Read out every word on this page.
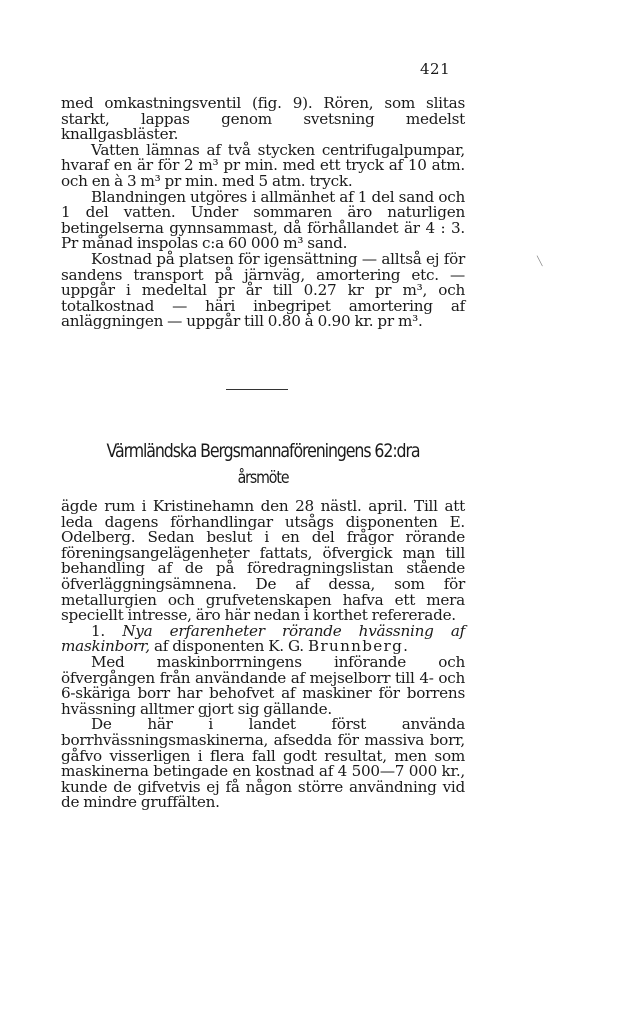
421
╲

med omkastningsventil (fig. 9). Rören, som slitas starkt, lappas genom svetsning medelst knallgasbläster.

Vatten lämnas af två stycken centrifugalpumpar, hvaraf en är för 2 m³ pr min. med ett tryck af 10 atm. och en à 3 m³ pr min. med 5 atm. tryck.

Blandningen utgöres i allmänhet af 1 del sand och 1 del vatten. Under sommaren äro naturligen betingelserna gynnsammast, då förhållandet är 4 : 3. Pr månad inspolas c:a 60 000 m³ sand.

Kostnad på platsen för igensättning — alltså ej för sandens transport på järnväg, amortering etc. — uppgår i medeltal pr år till 0.27 kr pr m³, och totalkostnad — häri inbegripet amortering af anläggningen — uppgår till 0.80 à 0.90 kr. pr m³.

Värmländska Bergsmannaföreningens 62:dra
årsmöte

ägde rum i Kristinehamn den 28 nästl. april. Till att leda dagens förhandlingar utsågs disponenten E. Odelberg. Sedan beslut i en del frågor rörande föreningsangelägenheter fattats, öfvergick man till behandling af de på föredragningslistan stående öfverläggningsämnena. De af dessa, som för metallurgien och grufvetenskapen hafva ett mera speciellt intresse, äro här nedan i korthet refererade.

1. Nya erfarenheter rörande hvässning af maskinborr, af disponenten K. G. Brunnberg.

Med maskinborrningens införande och öfvergången från användande af mejselborr till 4- och 6-skäriga borr har behofvet af maskiner för borrens hvässning alltmer gjort sig gällande.

De här i landet först använda borrhvässningsmaskinerna, afsedda för massiva borr, gåfvo visserligen i flera fall godt resultat, men som maskinerna betingade en kostnad af 4 500—7 000 kr., kunde de gifvetvis ej få någon större användning vid de mindre gruffälten.
